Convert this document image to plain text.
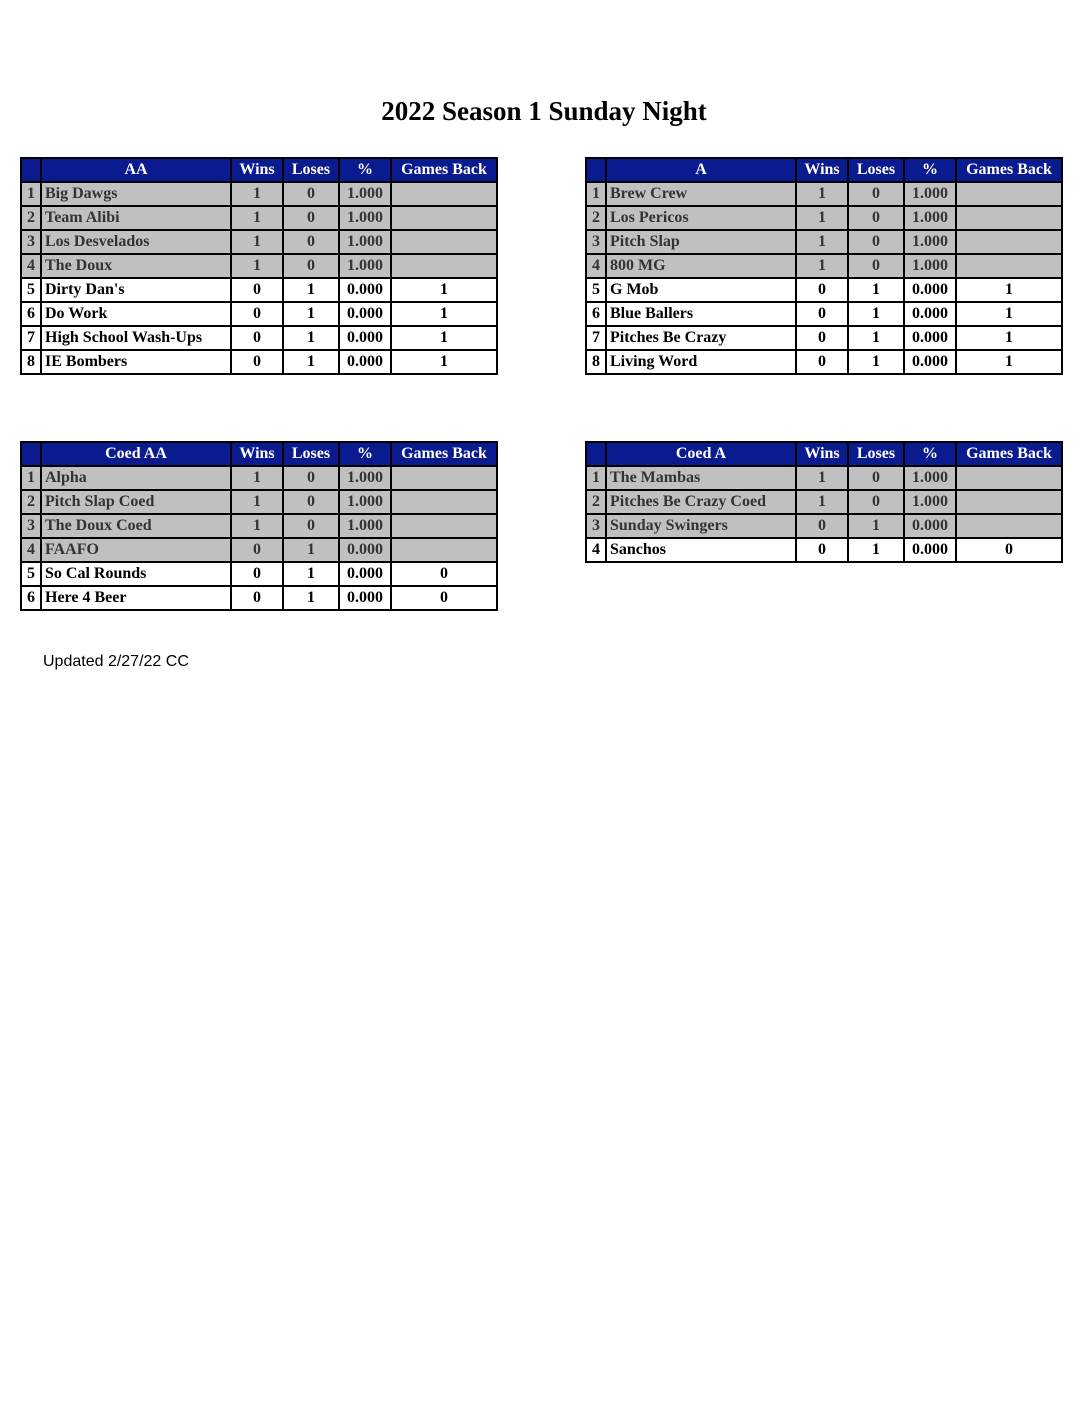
2022 Season 1 Sunday Night
	AA	Wins	Loses	%	Games Back
1	Big Dawgs	1	0	1.000	
2	Team Alibi	1	0	1.000	
3	Los Desvelados	1	0	1.000	
4	The Doux	1	0	1.000	
5	Dirty Dan's	0	1	0.000	1
6	Do Work	0	1	0.000	1
7	High School Wash-Ups	0	1	0.000	1
8	IE Bombers	0	1	0.000	1
	A	Wins	Loses	%	Games Back
1	Brew Crew	1	0	1.000	
2	Los Pericos	1	0	1.000	
3	Pitch Slap	1	0	1.000	
4	800 MG	1	0	1.000	
5	G Mob	0	1	0.000	1
6	Blue Ballers	0	1	0.000	1
7	Pitches Be Crazy	0	1	0.000	1
8	Living Word	0	1	0.000	1
	Coed AA	Wins	Loses	%	Games Back
1	Alpha	1	0	1.000	
2	Pitch Slap Coed	1	0	1.000	
3	The Doux Coed	1	0	1.000	
4	FAAFO	0	1	0.000	
5	So Cal Rounds	0	1	0.000	0
6	Here 4 Beer	0	1	0.000	0
	Coed A	Wins	Loses	%	Games Back
1	The Mambas	1	0	1.000	
2	Pitches Be Crazy Coed	1	0	1.000	
3	Sunday Swingers	0	1	0.000	
4	Sanchos	0	1	0.000	0
Updated 2/27/22 CC
